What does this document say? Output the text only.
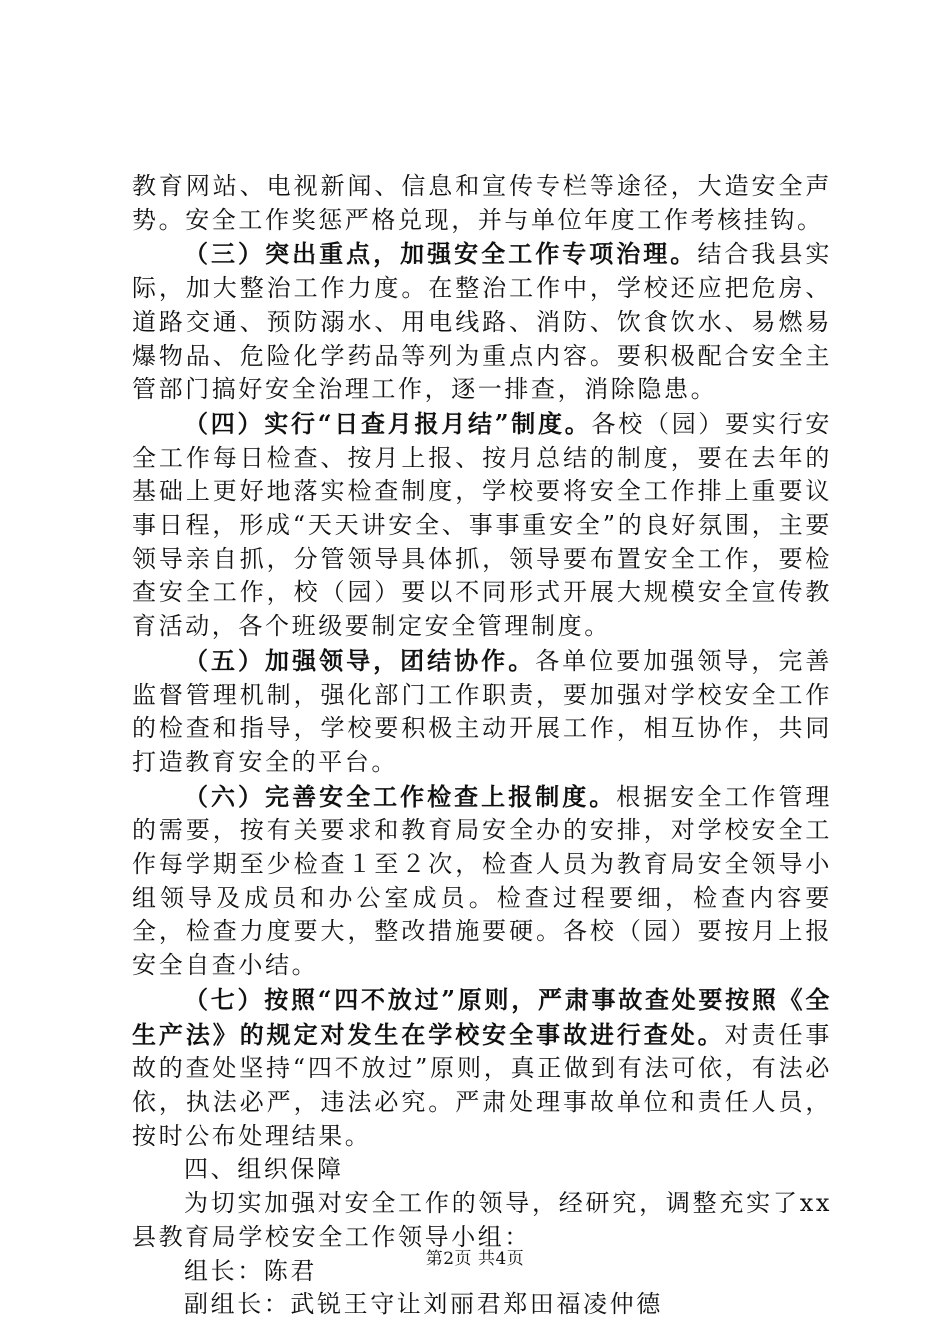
教育网站、电视新闻、信息和宣传专栏等途径，大造安全声势。安全工作奖惩严格兑现，并与单位年度工作考核挂钩。

（三）突出重点，加强安全工作专项治理。结合我县实际，加大整治工作力度。在整治工作中，学校还应把危房、道路交通、预防溺水、用电线路、消防、饮食饮水、易燃易爆物品、危险化学药品等列为重点内容。要积极配合安全主管部门搞好安全治理工作，逐一排查，消除隐患。

（四）实行“日查月报月结”制度。各校（园）要实行安全工作每日检查、按月上报、按月总结的制度，要在去年的基础上更好地落实检查制度，学校要将安全工作排上重要议事日程，形成“天天讲安全、事事重安全”的良好氛围，主要领导亲自抓，分管领导具体抓，领导要布置安全工作，要检查安全工作，校（园）要以不同形式开展大规模安全宣传教育活动，各个班级要制定安全管理制度。

（五）加强领导，团结协作。各单位要加强领导，完善监督管理机制，强化部门工作职责，要加强对学校安全工作的检查和指导，学校要积极主动开展工作，相互协作，共同打造教育安全的平台。

（六）完善安全工作检查上报制度。根据安全工作管理的需要，按有关要求和教育局安全办的安排，对学校安全工作每学期至少检查１至２次，检查人员为教育局安全领导小组领导及成员和办公室成员。检查过程要细，检查内容要全，检查力度要大，整改措施要硬。各校（园）要按月上报安全自查小结。

（七）按照“四不放过”原则，严肃事故查处要按照《全生产法》的规定对发生在学校安全事故进行查处。对责任事故的查处坚持“四不放过”原则，真正做到有法可依，有法必依，执法必严，违法必究。严肃处理事故单位和责任人员，按时公布处理结果。

四、组织保障

为切实加强对安全工作的领导，经研究，调整充实了xx县教育局学校安全工作领导小组：

组长：陈君

副组长：武锐王守让刘丽君郑田福凌仲德

第2页 共4页
